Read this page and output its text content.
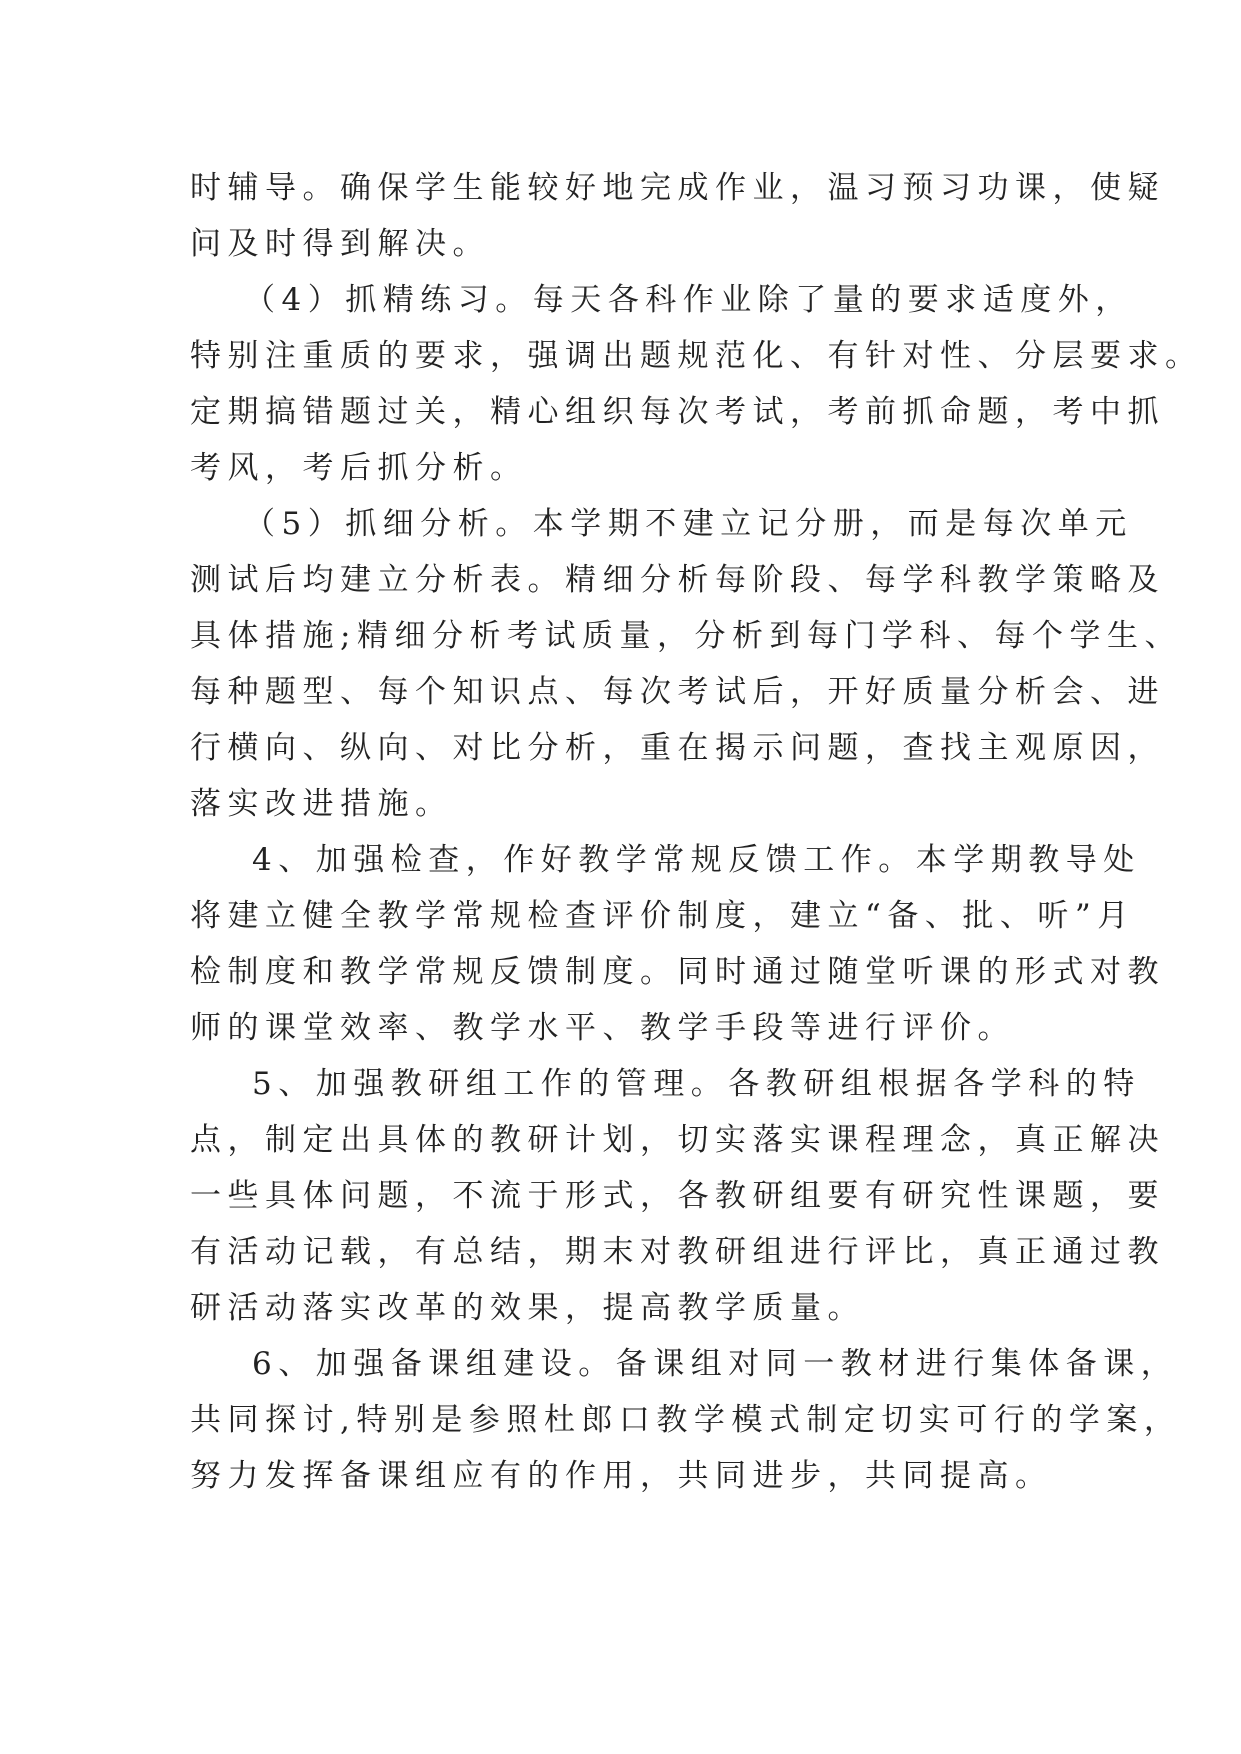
时辅导。确保学生能较好地完成作业，温习预习功课，使疑
问及时得到解决。
（4）抓精练习。每天各科作业除了量的要求适度外，
特别注重质的要求，强调出题规范化、有针对性、分层要求。
定期搞错题过关，精心组织每次考试，考前抓命题，考中抓
考风，考后抓分析。
（5）抓细分析。本学期不建立记分册，而是每次单元
测试后均建立分析表。精细分析每阶段、每学科教学策略及
具体措施;精细分析考试质量，分析到每门学科、每个学生、
每种题型、每个知识点、每次考试后，开好质量分析会、进
行横向、纵向、对比分析，重在揭示问题，查找主观原因，
落实改进措施。
4、加强检查，作好教学常规反馈工作。本学期教导处
将建立健全教学常规检查评价制度，建立“备、批、听”月
检制度和教学常规反馈制度。同时通过随堂听课的形式对教
师的课堂效率、教学水平、教学手段等进行评价。
5、加强教研组工作的管理。各教研组根据各学科的特
点，制定出具体的教研计划，切实落实课程理念，真正解决
一些具体问题，不流于形式，各教研组要有研究性课题，要
有活动记载，有总结，期末对教研组进行评比，真正通过教
研活动落实改革的效果，提高教学质量。
6、加强备课组建设。备课组对同一教材进行集体备课，
共同探讨,特别是参照杜郎口教学模式制定切实可行的学案，
努力发挥备课组应有的作用，共同进步，共同提高。
